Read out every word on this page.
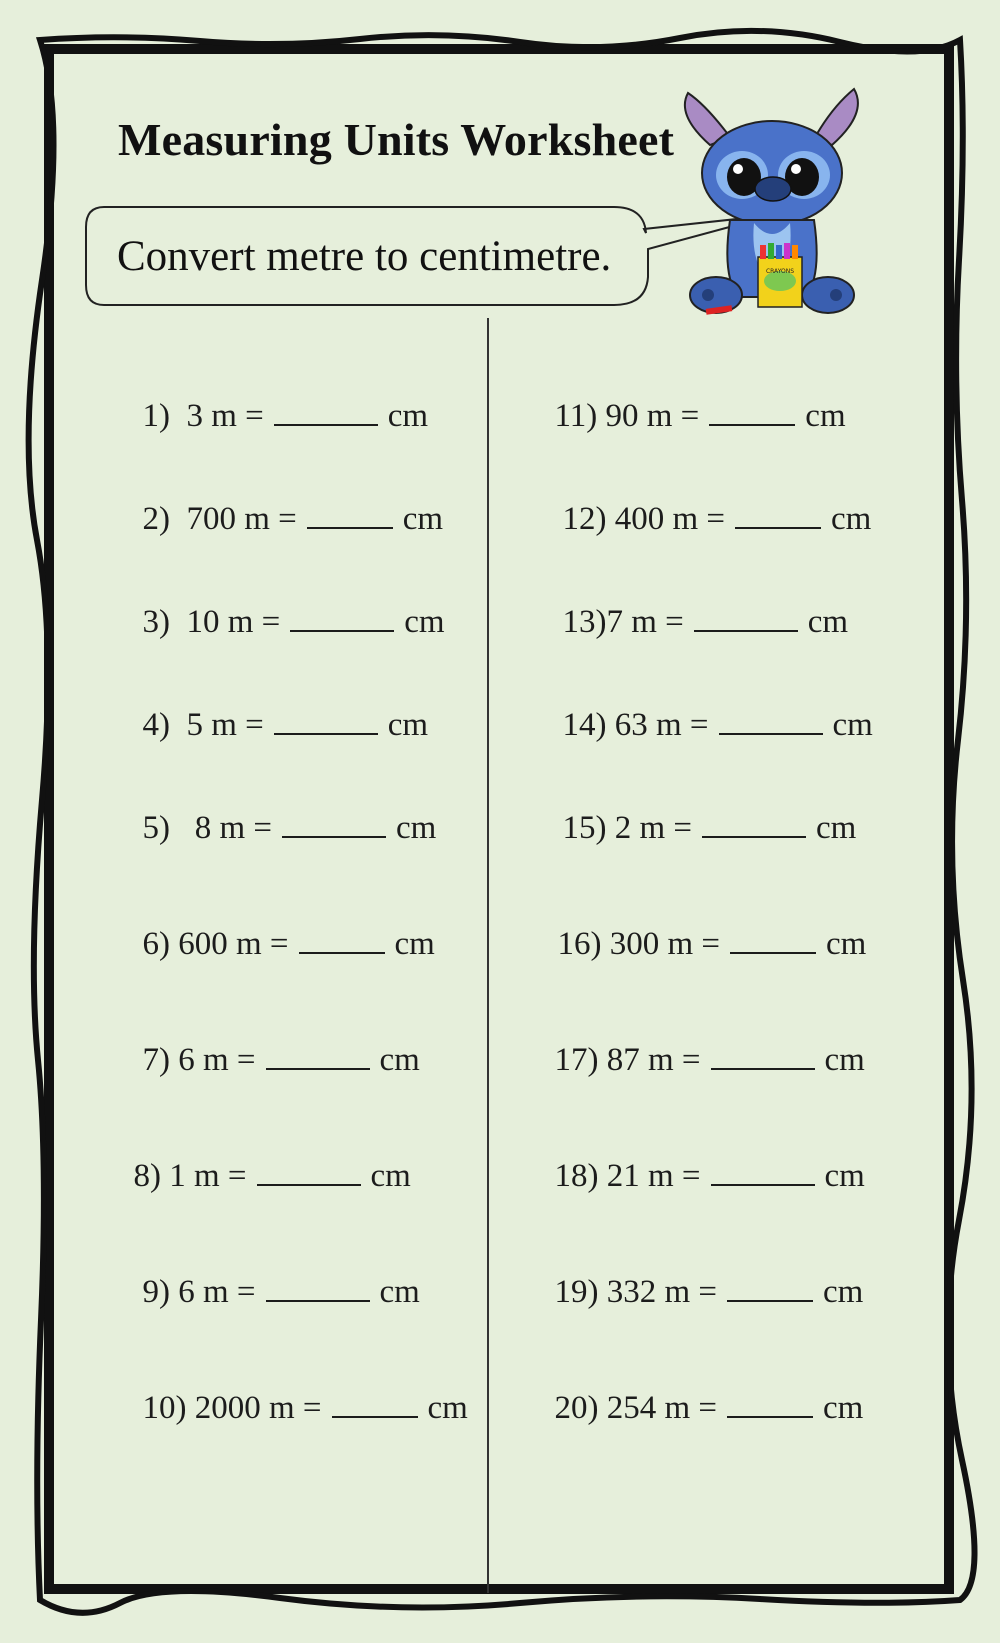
Measuring Units Worksheet
Convert metre to centimetre.	CRAYONS

1) 3 m =	cm

2) 700 m =	cm

3) 10 m =	cm

4) 5 m =	cm

5) 8 m =	cm

6) 600 m =	cm

7) 6 m =	cm

8) 1 m =	cm

9) 6 m =	cm

10) 2000 m =	cm

11) 90 m =	cm

12) 400 m =	cm

13)7 m =	cm

14) 63 m =	cm

15) 2 m =	cm

16) 300 m =	cm

17) 87 m =	cm

18) 21 m =	cm

19) 332 m =	cm

20) 254 m =	cm
